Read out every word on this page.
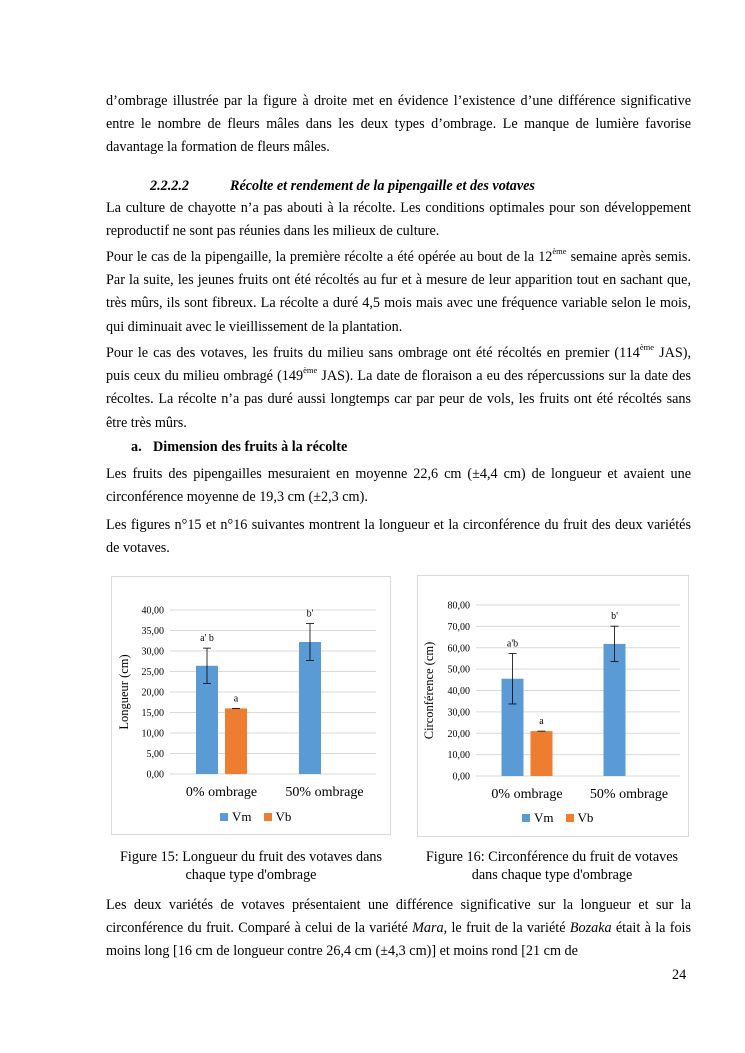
d’ombrage illustrée par la figure à droite met en évidence l’existence d’une différence significative entre le nombre de fleurs mâles dans les deux types d’ombrage. Le manque de lumière favorise davantage la formation de fleurs mâles.

2.2.2.2	Récolte et rendement de la pipengaille et des votaves

La culture de chayotte n’a pas abouti à la récolte. Les conditions optimales pour son développement reproductif ne sont pas réunies dans les milieux de culture.

Pour le cas de la pipengaille, la première récolte a été opérée au bout de la 12ème semaine après semis. Par la suite, les jeunes fruits ont été récoltés au fur et à mesure de leur apparition tout en sachant que, très mûrs, ils sont fibreux. La récolte a duré 4,5 mois mais avec une fréquence variable selon le mois, qui diminuait avec le vieillissement de la plantation.

Pour le cas des votaves, les fruits du milieu sans ombrage ont été récoltés en premier (114ème JAS), puis ceux du milieu ombragé (149ème JAS). La date de floraison a eu des répercussions sur la date des récoltes. La récolte n’a pas duré aussi longtemps car par peur de vols, les fruits ont été récoltés sans être très mûrs.

a. Dimension des fruits à la récolte

Les fruits des pipengailles mesuraient en moyenne 22,6 cm (±4,4 cm) de longueur et avaient une circonférence moyenne de 19,3 cm (±2,3 cm).

Les figures n°15 et n°16 suivantes montrent la longueur et la circonférence du fruit des deux variétés de votaves.

0,00
5,00
10,00
15,00
20,00
25,00
30,00
35,00
40,00
Longueur (cm)
a' b
a
0% ombrage
b'
50% ombrage
Vm Vb
0,00
10,00
20,00
30,00
40,00
50,00
60,00
70,00
80,00
Circonférence (cm)	a'b
a
0% ombrage
b'
50% ombrage
Vm Vb

Figure 15: Longueur du fruit des votaves dans chaque type d'ombrage

Figure 16: Circonférence du fruit de votaves dans chaque type d'ombrage

Les deux variétés de votaves présentaient une différence significative sur la longueur et sur la circonférence du fruit. Comparé à celui de la variété Mara, le fruit de la variété Bozaka était à la fois moins long [16 cm de longueur contre 26,4 cm (±4,3 cm)] et moins rond [21 cm de

24
